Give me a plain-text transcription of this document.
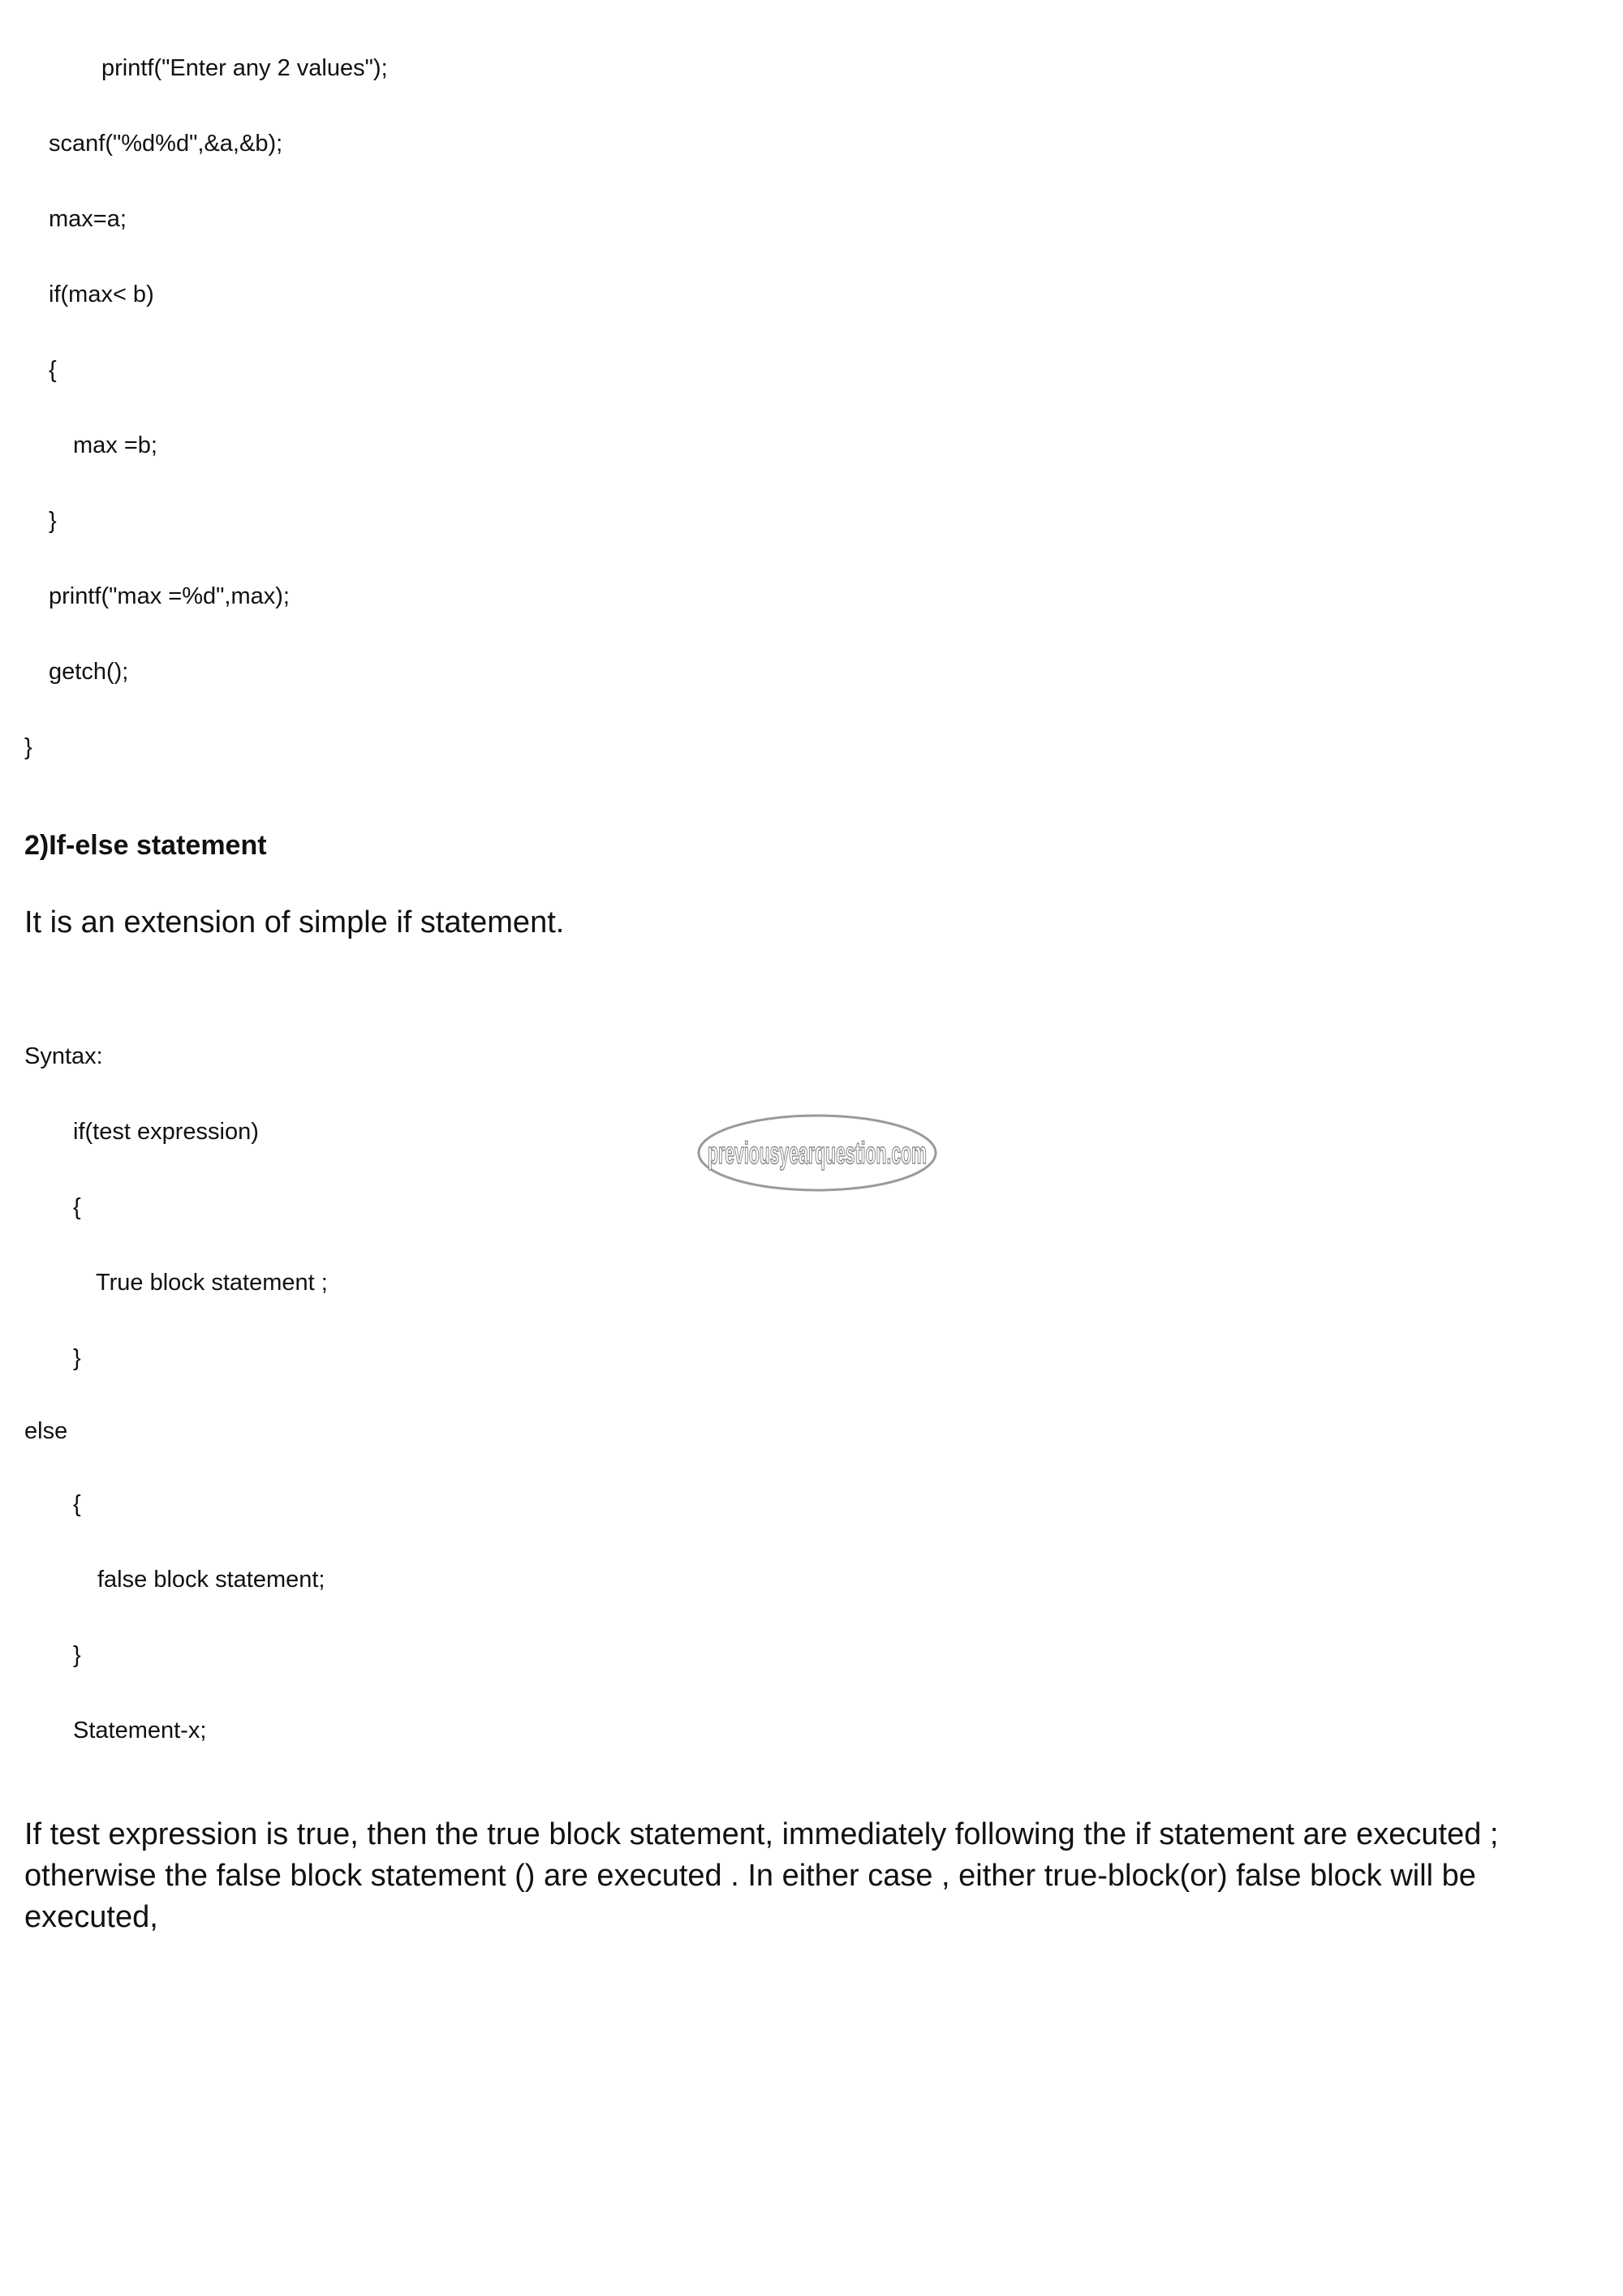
printf("Enter any 2 values");
scanf("%d%d",&a,&b);
max=a;
if(max< b)
{
max =b;
}
printf("max =%d",max);
getch();
}
2)If-else statement
It is an extension of simple if statement.
Syntax:
if(test expression)
{
True block statement ;
}
else
{
false block statement;
}
Statement-x;
If test expression is true, then the true block statement, immediately following the if statement are executed ; otherwise the false block statement () are executed . In either case , either true-block(or) false block will be executed,
previousyearquestion.com
